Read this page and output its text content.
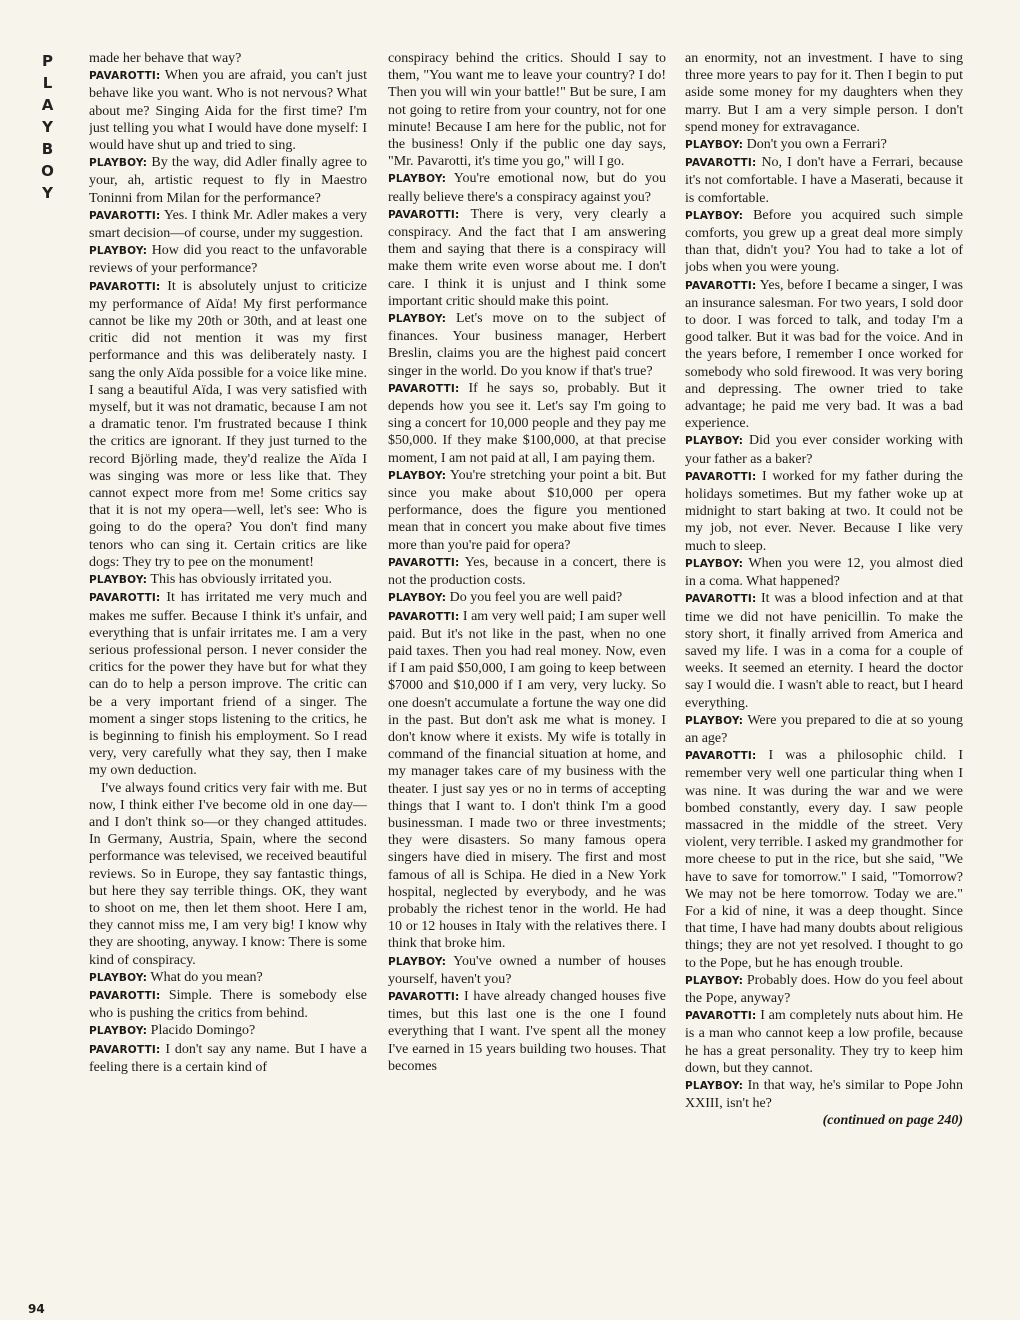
P
L
A
Y
B
O
Y
94

made her behave that way?

PAVAROTTI: When you are afraid, you can't just behave like you want. Who is not nervous? What about me? Singing Aida for the first time? I'm just telling you what I would have done myself: I would have shut up and tried to sing.

PLAYBOY: By the way, did Adler finally agree to your, ah, artistic request to fly in Maestro Toninni from Milan for the performance?

PAVAROTTI: Yes. I think Mr. Adler makes a very smart decision—of course, under my suggestion.

PLAYBOY: How did you react to the unfavorable reviews of your performance?

PAVAROTTI: It is absolutely unjust to criticize my performance of Aïda! My first performance cannot be like my 20th or 30th, and at least one critic did not mention it was my first performance and this was deliberately nasty. I sang the only Aïda possible for a voice like mine. I sang a beautiful Aïda, I was very satisfied with myself, but it was not dramatic, because I am not a dramatic tenor. I'm frustrated because I think the critics are ignorant. If they just turned to the record Björling made, they'd realize the Aïda I was singing was more or less like that. They cannot expect more from me! Some critics say that it is not my opera—well, let's see: Who is going to do the opera? You don't find many tenors who can sing it. Certain critics are like dogs: They try to pee on the monument!

PLAYBOY: This has obviously irritated you.

PAVAROTTI: It has irritated me very much and makes me suffer. Because I think it's unfair, and everything that is unfair irritates me. I am a very serious professional person. I never consider the critics for the power they have but for what they can do to help a person improve. The critic can be a very important friend of a singer. The moment a singer stops listening to the critics, he is beginning to finish his employment. So I read very, very carefully what they say, then I make my own deduction.

I've always found critics very fair with me. But now, I think either I've become old in one day—and I don't think so—or they changed attitudes. In Germany, Austria, Spain, where the second performance was televised, we received beautiful reviews. So in Europe, they say fantastic things, but here they say terrible things. OK, they want to shoot on me, then let them shoot. Here I am, they cannot miss me, I am very big! I know why they are shooting, anyway. I know: There is some kind of conspiracy.

PLAYBOY: What do you mean?

PAVAROTTI: Simple. There is somebody else who is pushing the critics from behind.

PLAYBOY: Placido Domingo?

PAVAROTTI: I don't say any name. But I have a feeling there is a certain kind of

conspiracy behind the critics. Should I say to them, "You want me to leave your country? I do! Then you will win your battle!" But be sure, I am not going to retire from your country, not for one minute! Because I am here for the public, not for the business! Only if the public one day says, "Mr. Pavarotti, it's time you go," will I go.

PLAYBOY: You're emotional now, but do you really believe there's a conspiracy against you?

PAVAROTTI: There is very, very clearly a conspiracy. And the fact that I am answering them and saying that there is a conspiracy will make them write even worse about me. I don't care. I think it is unjust and I think some important critic should make this point.

PLAYBOY: Let's move on to the subject of finances. Your business manager, Herbert Breslin, claims you are the highest paid concert singer in the world. Do you know if that's true?

PAVAROTTI: If he says so, probably. But it depends how you see it. Let's say I'm going to sing a concert for 10,000 people and they pay me $50,000. If they make $100,000, at that precise moment, I am not paid at all, I am paying them.

PLAYBOY: You're stretching your point a bit. But since you make about $10,000 per opera performance, does the figure you mentioned mean that in concert you make about five times more than you're paid for opera?

PAVAROTTI: Yes, because in a concert, there is not the production costs.

PLAYBOY: Do you feel you are well paid?

PAVAROTTI: I am very well paid; I am super well paid. But it's not like in the past, when no one paid taxes. Then you had real money. Now, even if I am paid $50,000, I am going to keep between $7000 and $10,000 if I am very, very lucky. So one doesn't accumulate a fortune the way one did in the past. But don't ask me what is money. I don't know where it exists. My wife is totally in command of the financial situation at home, and my manager takes care of my business with the theater. I just say yes or no in terms of accepting things that I want to. I don't think I'm a good businessman. I made two or three investments; they were disasters. So many famous opera singers have died in misery. The first and most famous of all is Schipa. He died in a New York hospital, neglected by everybody, and he was probably the richest tenor in the world. He had 10 or 12 houses in Italy with the relatives there. I think that broke him.

PLAYBOY: You've owned a number of houses yourself, haven't you?

PAVAROTTI: I have already changed houses five times, but this last one is the one I found everything that I want. I've spent all the money I've earned in 15 years building two houses. That becomes

an enormity, not an investment. I have to sing three more years to pay for it. Then I begin to put aside some money for my daughters when they marry. But I am a very simple person. I don't spend money for extravagance.

PLAYBOY: Don't you own a Ferrari?

PAVAROTTI: No, I don't have a Ferrari, because it's not comfortable. I have a Maserati, because it is comfortable.

PLAYBOY: Before you acquired such simple comforts, you grew up a great deal more simply than that, didn't you? You had to take a lot of jobs when you were young.

PAVAROTTI: Yes, before I became a singer, I was an insurance salesman. For two years, I sold door to door. I was forced to talk, and today I'm a good talker. But it was bad for the voice. And in the years before, I remember I once worked for somebody who sold firewood. It was very boring and depressing. The owner tried to take advantage; he paid me very bad. It was a bad experience.

PLAYBOY: Did you ever consider working with your father as a baker?

PAVAROTTI: I worked for my father during the holidays sometimes. But my father woke up at midnight to start baking at two. It could not be my job, not ever. Never. Because I like very much to sleep.

PLAYBOY: When you were 12, you almost died in a coma. What happened?

PAVAROTTI: It was a blood infection and at that time we did not have penicillin. To make the story short, it finally arrived from America and saved my life. I was in a coma for a couple of weeks. It seemed an eternity. I heard the doctor say I would die. I wasn't able to react, but I heard everything.

PLAYBOY: Were you prepared to die at so young an age?

PAVAROTTI: I was a philosophic child. I remember very well one particular thing when I was nine. It was during the war and we were bombed constantly, every day. I saw people massacred in the middle of the street. Very violent, very terrible. I asked my grandmother for more cheese to put in the rice, but she said, "We have to save for tomorrow." I said, "Tomorrow? We may not be here tomorrow. Today we are." For a kid of nine, it was a deep thought. Since that time, I have had many doubts about religious things; they are not yet resolved. I thought to go to the Pope, but he has enough trouble.

PLAYBOY: Probably does. How do you feel about the Pope, anyway?

PAVAROTTI: I am completely nuts about him. He is a man who cannot keep a low profile, because he has a great personality. They try to keep him down, but they cannot.

PLAYBOY: In that way, he's similar to Pope John XXIII, isn't he?

(continued on page 240)
